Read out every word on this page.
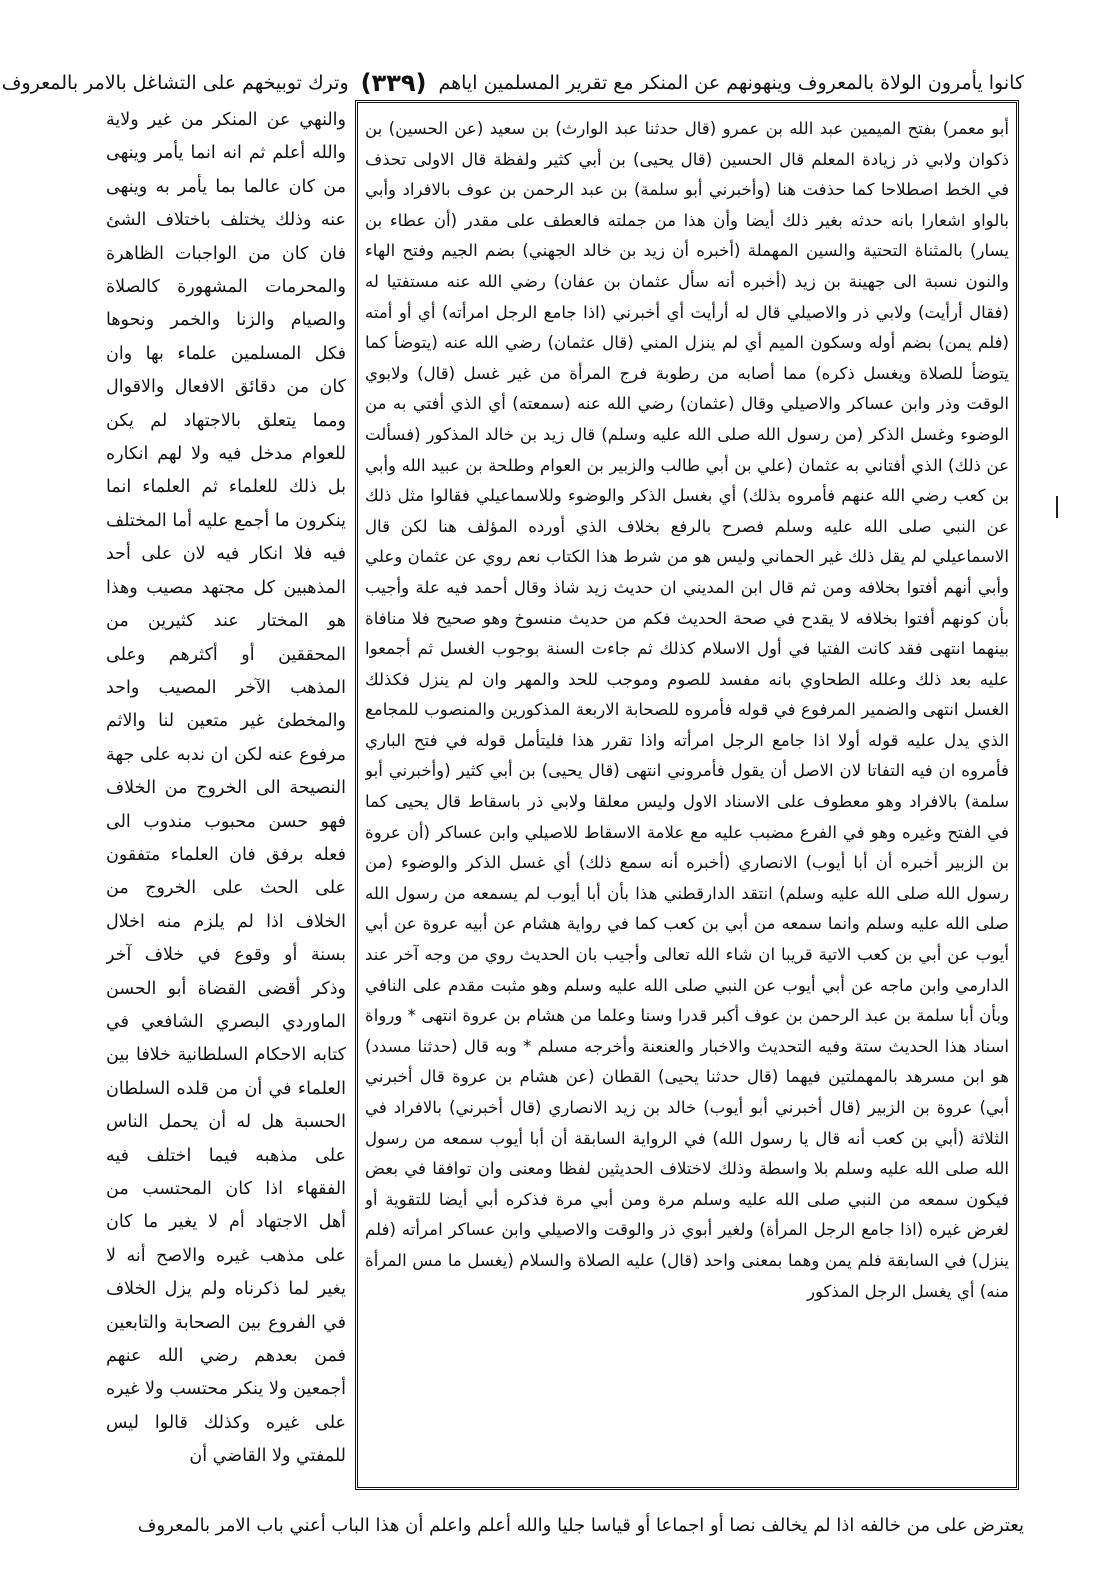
كانوا يأمرون الولاة بالمعروف وينهونهم عن المنكر مع تقرير المسلمين اياهم
(٣٣٩)
وترك توبيخهم على التشاغل بالامر بالمعروف

أبو معمر) بفتح الميمين عبد الله بن عمرو (قال حدثنا عبد الوارث) بن سعيد (عن الحسين) بن ذكوان ولابي ذر زيادة المعلم قال الحسين (قال يحيى) بن أبي كثير ولفظة قال الاولى تحذف في الخط اصطلاحا كما حذفت هنا (وأخبرني أبو سلمة) بن عبد الرحمن بن عوف بالافراد وأبي بالواو اشعارا بانه حدثه بغير ذلك أيضا وأن هذا من جملته فالعطف على مقدر (أن عطاء بن يسار) بالمثناة التحتية والسين المهملة (أخبره أن زيد بن خالد الجهني) بضم الجيم وفتح الهاء والنون نسبة الى جهينة بن زيد (أخبره أنه سأل عثمان بن عفان) رضي الله عنه مستفتيا له (فقال أرأيت) ولابي ذر والاصيلي قال له أرأيت أي أخبرني (اذا جامع الرجل امرأته) أي أو أمته (فلم يمن) بضم أوله وسكون الميم أي لم ينزل المني (قال عثمان) رضي الله عنه (يتوضأ كما يتوضأ للصلاة ويغسل ذكره) مما أصابه من رطوبة فرج المرأة من غير غسل (قال) ولابوي الوقت وذر وابن عساكر والاصيلي وقال (عثمان) رضي الله عنه (سمعته) أي الذي أفتي به من الوضوء وغسل الذكر (من رسول الله صلى الله عليه وسلم) قال زيد بن خالد المذكور (فسألت عن ذلك) الذي أفتاني به عثمان (علي بن أبي طالب والزبير بن العوام وطلحة بن عبيد الله وأبي بن كعب رضي الله عنهم فأمروه بذلك) أي بغسل الذكر والوضوء وللاسماعيلي فقالوا مثل ذلك عن النبي صلى الله عليه وسلم فصرح بالرفع بخلاف الذي أورده المؤلف هنا لكن قال الاسماعيلي لم يقل ذلك غير الحماني وليس هو من شرط هذا الكتاب نعم روي عن عثمان وعلي وأبي أنهم أفتوا بخلافه ومن ثم قال ابن المديني ان حديث زيد شاذ وقال أحمد فيه علة وأجيب بأن كونهم أفتوا بخلافه لا يقدح في صحة الحديث فكم من حديث منسوخ وهو صحيح فلا منافاة بينهما انتهى فقد كانت الفتيا في أول الاسلام كذلك ثم جاءت السنة بوجوب الغسل ثم أجمعوا عليه بعد ذلك وعلله الطحاوي بانه مفسد للصوم وموجب للحد والمهر وان لم ينزل فكذلك الغسل انتهى والضمير المرفوع في قوله فأمروه للصحابة الاربعة المذكورين والمنصوب للمجامع الذي يدل عليه قوله أولا اذا جامع الرجل امرأته واذا تقرر هذا فليتأمل قوله في فتح الباري فأمروه ان فيه التفاتا لان الاصل أن يقول فأمروني انتهى (قال يحيى) بن أبي كثير (وأخبرني أبو سلمة) بالافراد وهو معطوف على الاسناد الاول وليس معلقا ولابي ذر باسقاط قال يحيى كما في الفتح وغيره وهو في الفرع مضبب عليه مع علامة الاسقاط للاصيلي وابن عساكر (أن عروة بن الزبير أخبره أن أبا أيوب) الانصاري (أخبره أنه سمع ذلك) أي غسل الذكر والوضوء (من رسول الله صلى الله عليه وسلم) انتقد الدارقطني هذا بأن أبا أيوب لم يسمعه من رسول الله صلى الله عليه وسلم وانما سمعه من أبي بن كعب كما في رواية هشام عن أبيه عروة عن أبي أيوب عن أبي بن كعب الاتية قريبا ان شاء الله تعالى وأجيب بان الحديث روي من وجه آخر عند الدارمي وابن ماجه عن أبي أيوب عن النبي صلى الله عليه وسلم وهو مثبت مقدم على النافي وبأن أبا سلمة بن عبد الرحمن بن عوف أكبر قدرا وسنا وعلما من هشام بن عروة انتهى * ورواة اسناد هذا الحديث ستة وفيه التحديث والاخبار والعنعنة وأخرجه مسلم * وبه قال (حدثنا مسدد) هو ابن مسرهد بالمهملتين فيهما (قال حدثنا يحيى) القطان (عن هشام بن عروة قال أخبرني أبي) عروة بن الزبير (قال أخبرني أبو أيوب) خالد بن زيد الانصاري (قال أخبرني) بالافراد في الثلاثة (أبي بن كعب أنه قال يا رسول الله) في الرواية السابقة أن أبا أيوب سمعه من رسول الله صلى الله عليه وسلم بلا واسطة وذلك لاختلاف الحديثين لفظا ومعنى وان توافقا في بعض فيكون سمعه من النبي صلى الله عليه وسلم مرة ومن أبي مرة فذكره أبي أيضا للتقوية أو لغرض غيره (اذا جامع الرجل المرأة) ولغير أبوي ذر والوقت والاصيلي وابن عساكر امرأته (فلم ينزل) في السابقة فلم يمن وهما بمعنى واحد (قال) عليه الصلاة والسلام (يغسل ما مس المرأة منه) أي يغسل الرجل المذكور

والنهي عن المنكر من غير ولاية والله أعلم ثم انه انما يأمر وينهى من كان عالما بما يأمر به وينهى عنه وذلك يختلف باختلاف الشئ فان كان من الواجبات الظاهرة والمحرمات المشهورة كالصلاة والصيام والزنا والخمر ونحوها فكل المسلمين علماء بها وان كان من دقائق الافعال والاقوال ومما يتعلق بالاجتهاد لم يكن للعوام مدخل فيه ولا لهم انكاره بل ذلك للعلماء ثم العلماء انما ينكرون ما أجمع عليه أما المختلف فيه فلا انكار فيه لان على أحد المذهبين كل مجتهد مصيب وهذا هو المختار عند كثيرين من المحققين أو أكثرهم وعلى المذهب الآخر المصيب واحد والمخطئ غير متعين لنا والاثم مرفوع عنه لكن ان ندبه على جهة النصيحة الى الخروج من الخلاف فهو حسن محبوب مندوب الى فعله برفق فان العلماء متفقون على الحث على الخروج من الخلاف اذا لم يلزم منه اخلال بسنة أو وقوع في خلاف آخر وذكر أقضى القضاة أبو الحسن الماوردي البصري الشافعي في كتابه الاحكام السلطانية خلافا بين العلماء في أن من قلده السلطان الحسبة هل له أن يحمل الناس على مذهبه فيما اختلف فيه الفقهاء اذا كان المحتسب من أهل الاجتهاد أم لا يغير ما كان على مذهب غيره والاصح أنه لا يغير لما ذكرناه ولم يزل الخلاف في الفروع بين الصحابة والتابعين فمن بعدهم رضي الله عنهم أجمعين ولا ينكر محتسب ولا غيره على غيره وكذلك قالوا ليس للمفتي ولا القاضي أن

يعترض على من خالفه اذا لم يخالف نصا أو اجماعا أو قياسا جليا والله أعلم واعلم أن هذا الباب أعني باب الامر بالمعروف
